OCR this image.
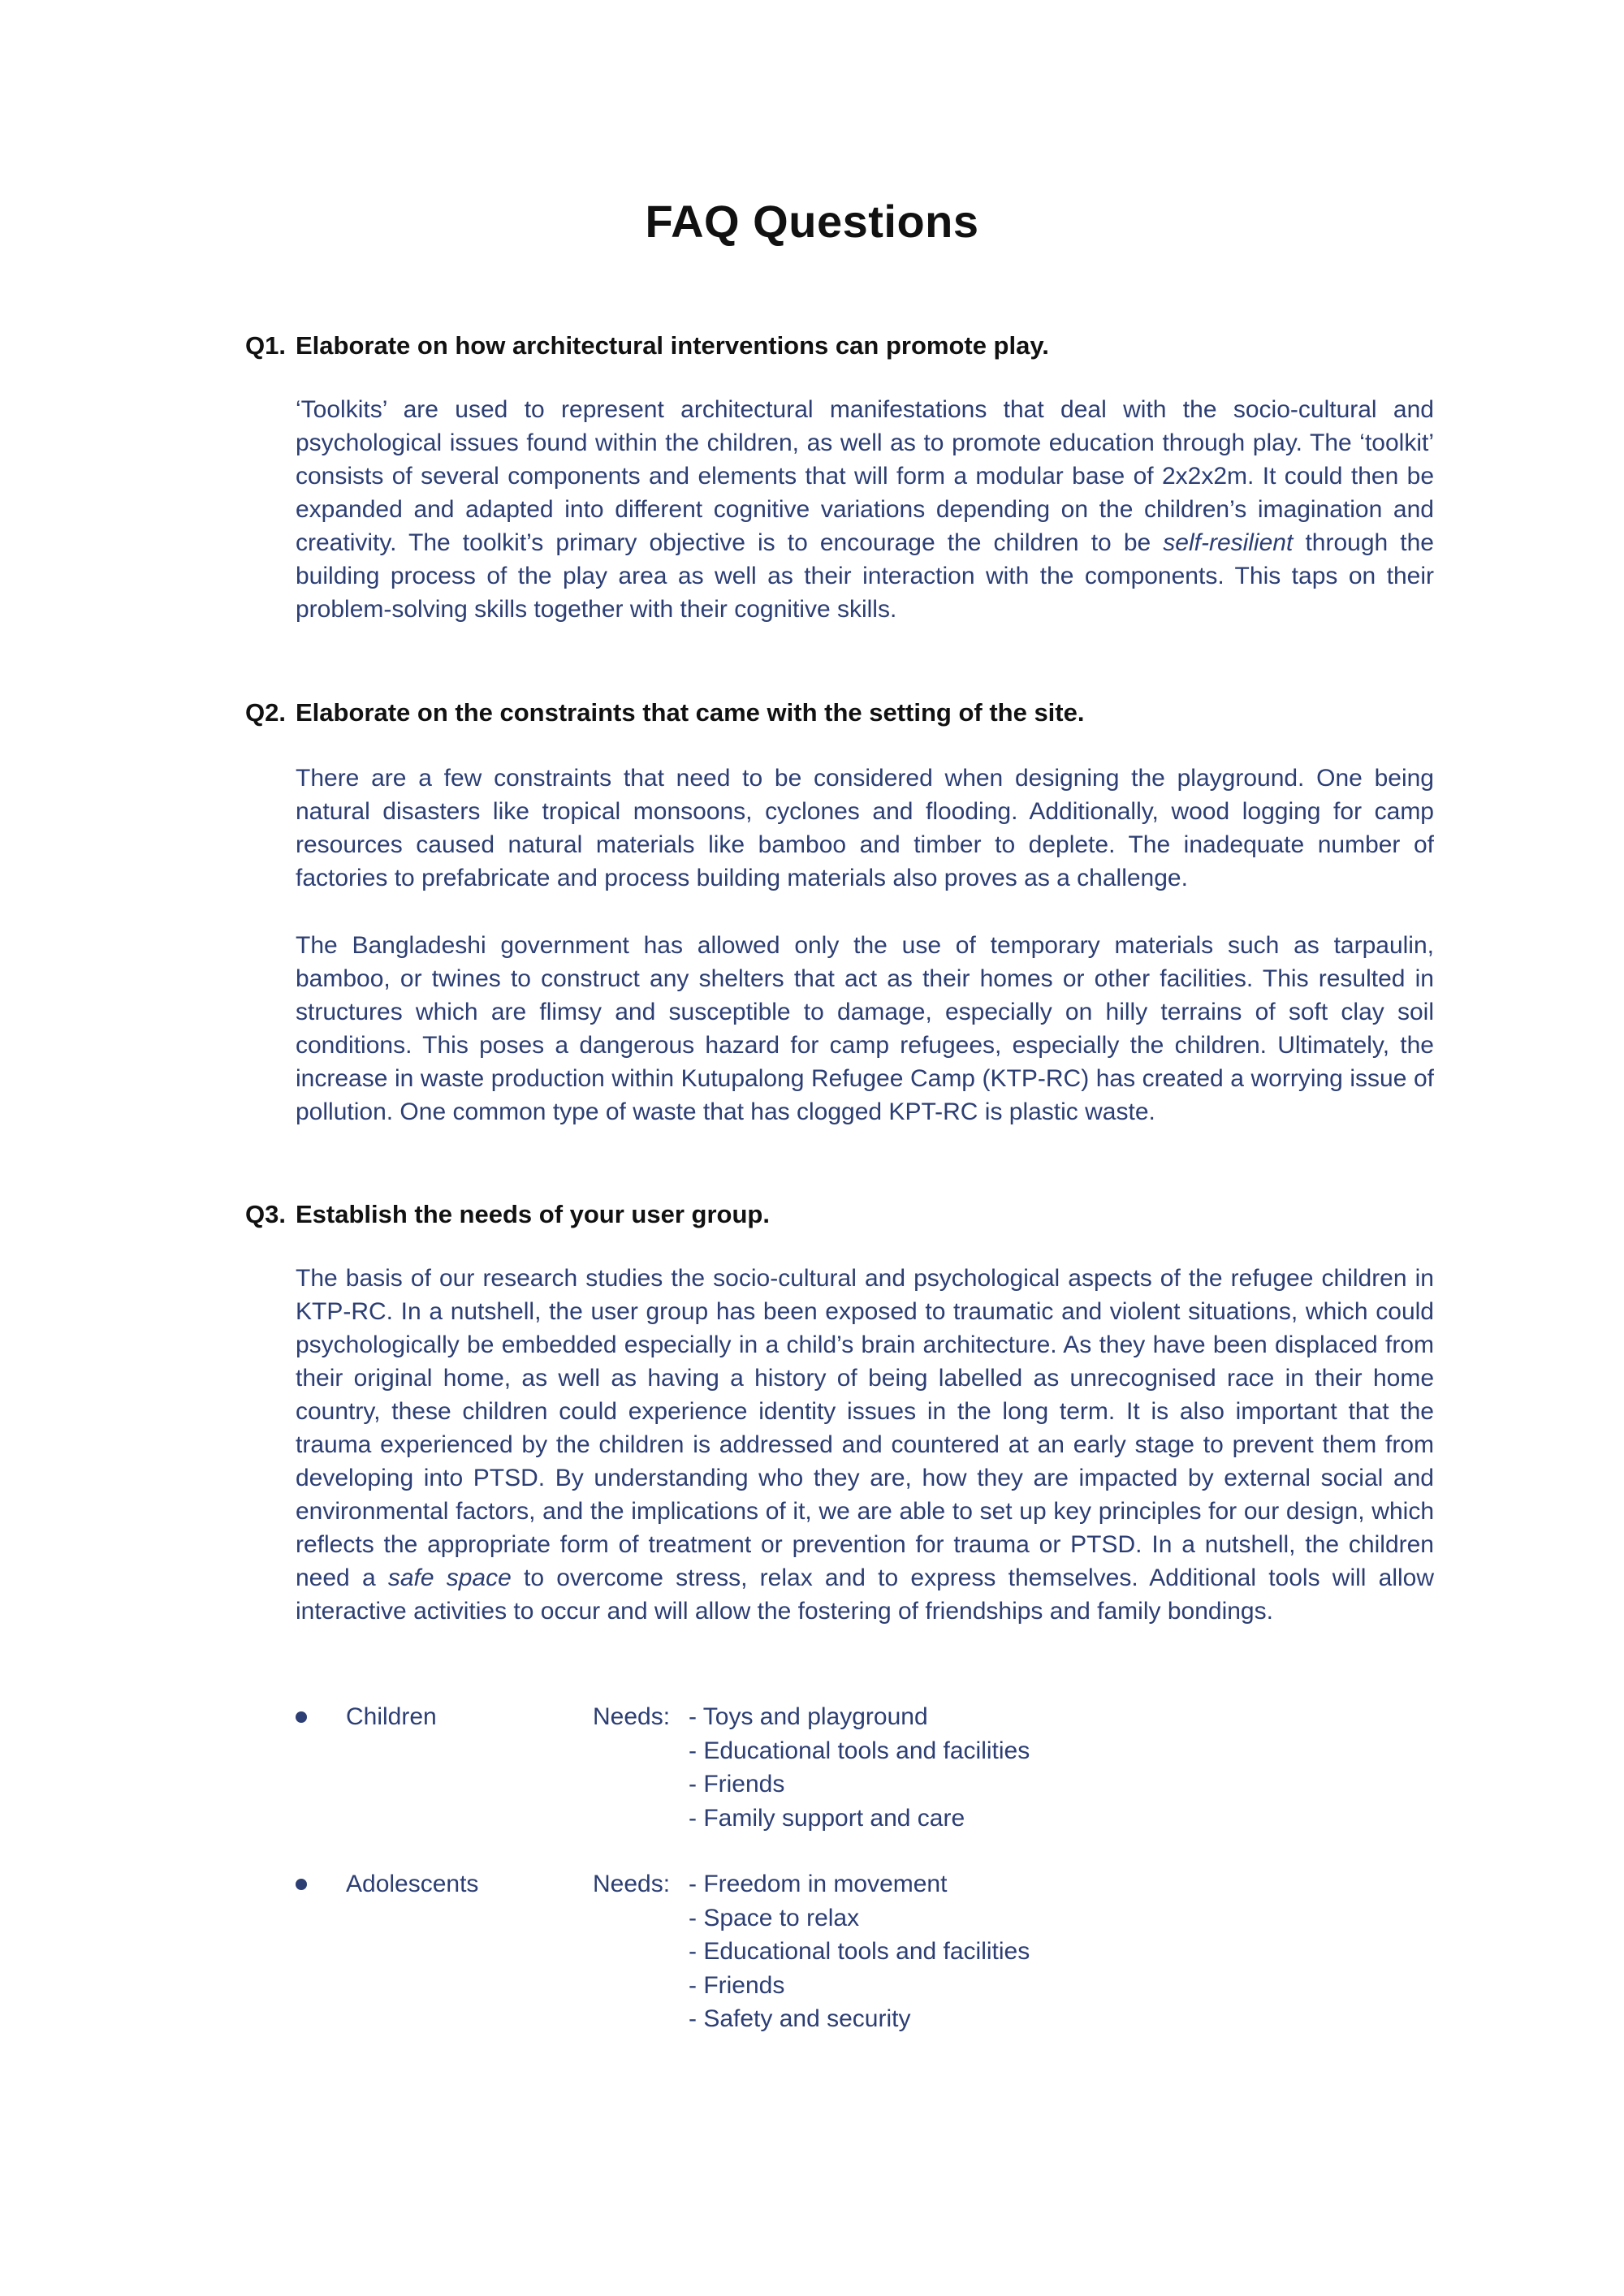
FAQ Questions
Q1. Elaborate on how architectural interventions can promote play.

‘Toolkits’ are used to represent architectural manifestations that deal with the socio-cultural and psychological issues found within the children, as well as to promote education through play. The ‘toolkit’ consists of several components and elements that will form a modular base of 2x2x2m. It could then be expanded and adapted into different cognitive variations depending on the children’s imagination and creativity. The toolkit’s primary objective is to encourage the children to be self-resilient through the building process of the play area as well as their interaction with the components. This taps on their problem-solving skills together with their cognitive skills.

Q2. Elaborate on the constraints that came with the setting of the site.

There are a few constraints that need to be considered when designing the playground. One being natural disasters like tropical monsoons, cyclones and flooding. Additionally, wood logging for camp resources caused natural materials like bamboo and timber to deplete. The inadequate number of factories to prefabricate and process building materials also proves as a challenge.

The Bangladeshi government has allowed only the use of temporary materials such as tarpaulin, bamboo, or twines to construct any shelters that act as their homes or other facilities. This resulted in structures which are flimsy and susceptible to damage, especially on hilly terrains of soft clay soil conditions. This poses a dangerous hazard for camp refugees, especially the children. Ultimately, the increase in waste production within Kutupalong Refugee Camp (KTP-RC) has created a worrying issue of pollution. One common type of waste that has clogged KPT-RC is plastic waste.

Q3. Establish the needs of your user group.

The basis of our research studies the socio-cultural and psychological aspects of the refugee children in KTP-RC. In a nutshell, the user group has been exposed to traumatic and violent situations, which could psychologically be embedded especially in a child’s brain architecture. As they have been displaced from their original home, as well as having a history of being labelled as unrecognised race in their home country, these children could experience identity issues in the long term. It is also important that the trauma experienced by the children is addressed and countered at an early stage to prevent them from developing into PTSD. By understanding who they are, how they are impacted by external social and environmental factors, and the implications of it, we are able to set up key principles for our design, which reflects the appropriate form of treatment or prevention for trauma or PTSD. In a nutshell, the children need a safe space to overcome stress, relax and to express themselves. Additional tools will allow interactive activities to occur and will allow the fostering of friendships and family bondings.

Children	Needs: - Toys and playground
- Educational tools and facilities
- Friends
- Family support and care
Adolescents	Needs: - Freedom in movement
- Space to relax
- Educational tools and facilities
- Friends
- Safety and security
